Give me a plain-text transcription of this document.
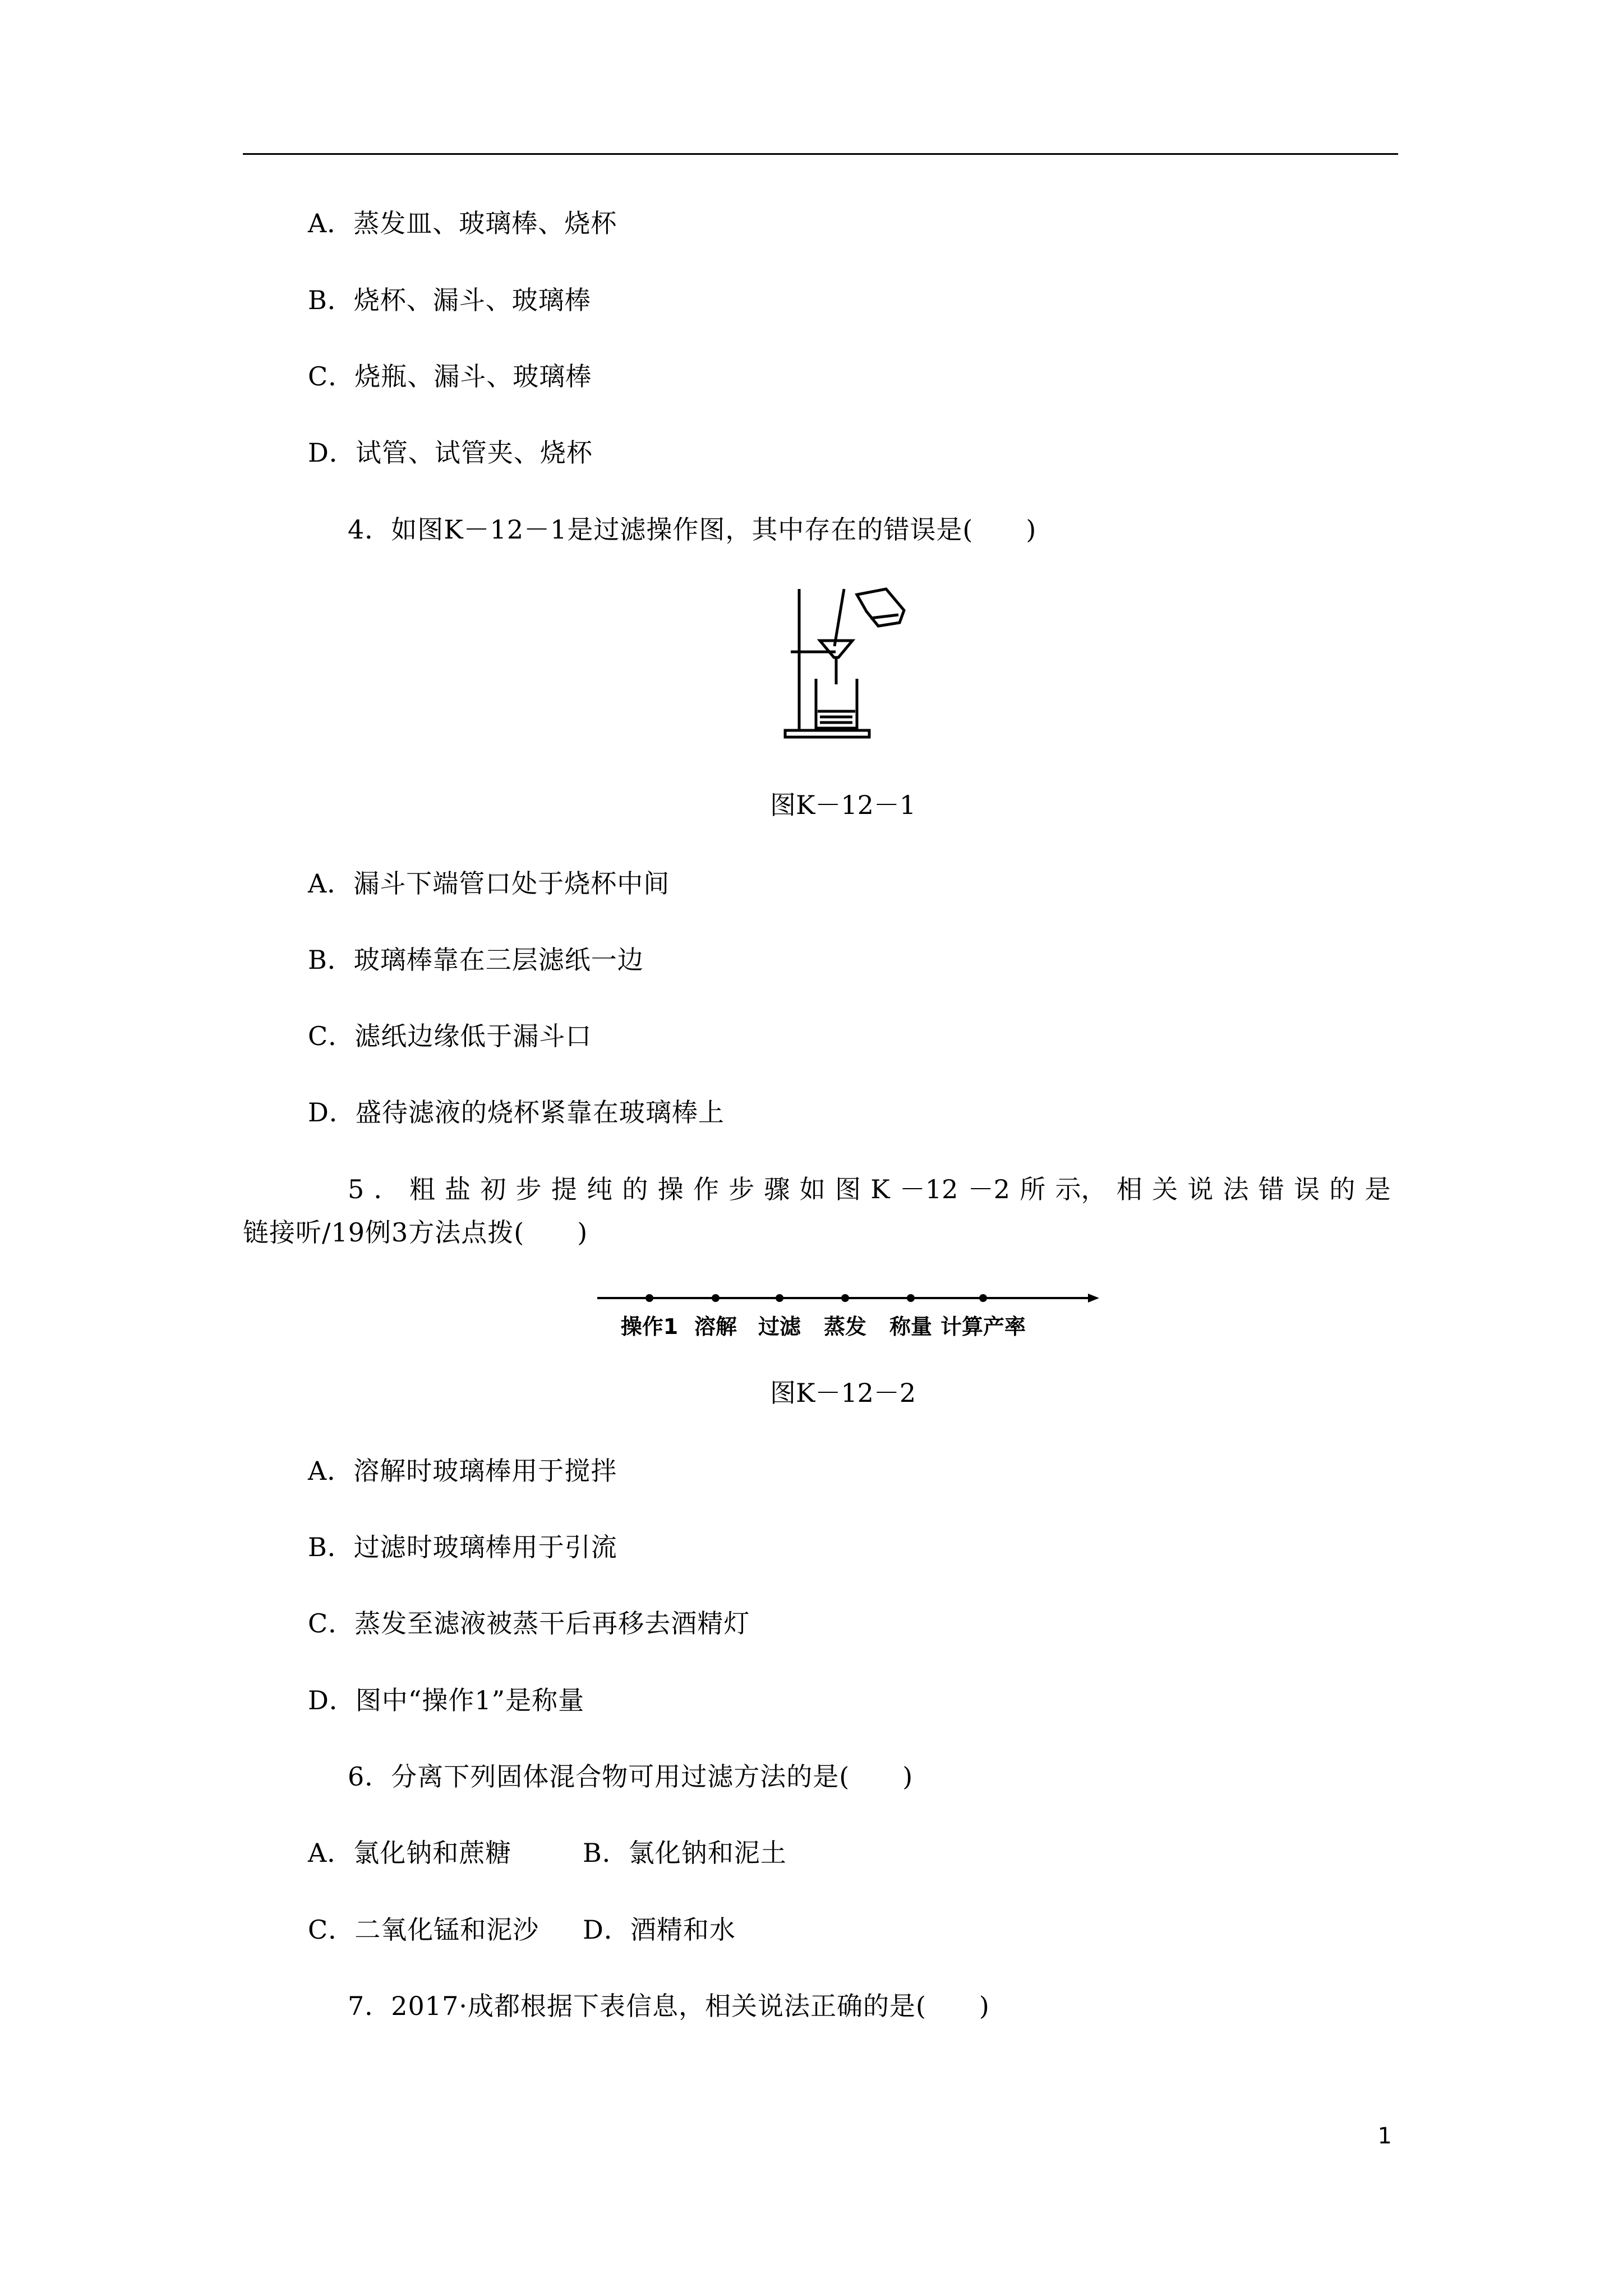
A．蒸发皿、玻璃棒、烧杯
B．烧杯、漏斗、玻璃棒
C．烧瓶、漏斗、玻璃棒
D．试管、试管夹、烧杯
4．如图K－12－1是过滤操作图，其中存在的错误是(　　)
图K－12－1
A．漏斗下端管口处于烧杯中间
B．玻璃棒靠在三层滤纸一边
C．滤纸边缘低于漏斗口
D．盛待滤液的烧杯紧靠在玻璃棒上
5 ． 粗 盐 初 步 提 纯 的 操 作 步 骤 如 图 K －12 －2 所 示， 相 关 说 法 错 误 的 是
链接听/19例3方法点拨(　　)
操作1 溶解 过滤 蒸发 称量 计算产率
图K－12－2
A．溶解时玻璃棒用于搅拌
B．过滤时玻璃棒用于引流
C．蒸发至滤液被蒸干后再移去酒精灯
D．图中“操作1”是称量
6．分离下列固体混合物可用过滤方法的是(　　)
A．氯化钠和蔗糖	B．氯化钠和泥土
C．二氧化锰和泥沙 D．酒精和水
7．2017·成都根据下表信息，相关说法正确的是(　　)
1
